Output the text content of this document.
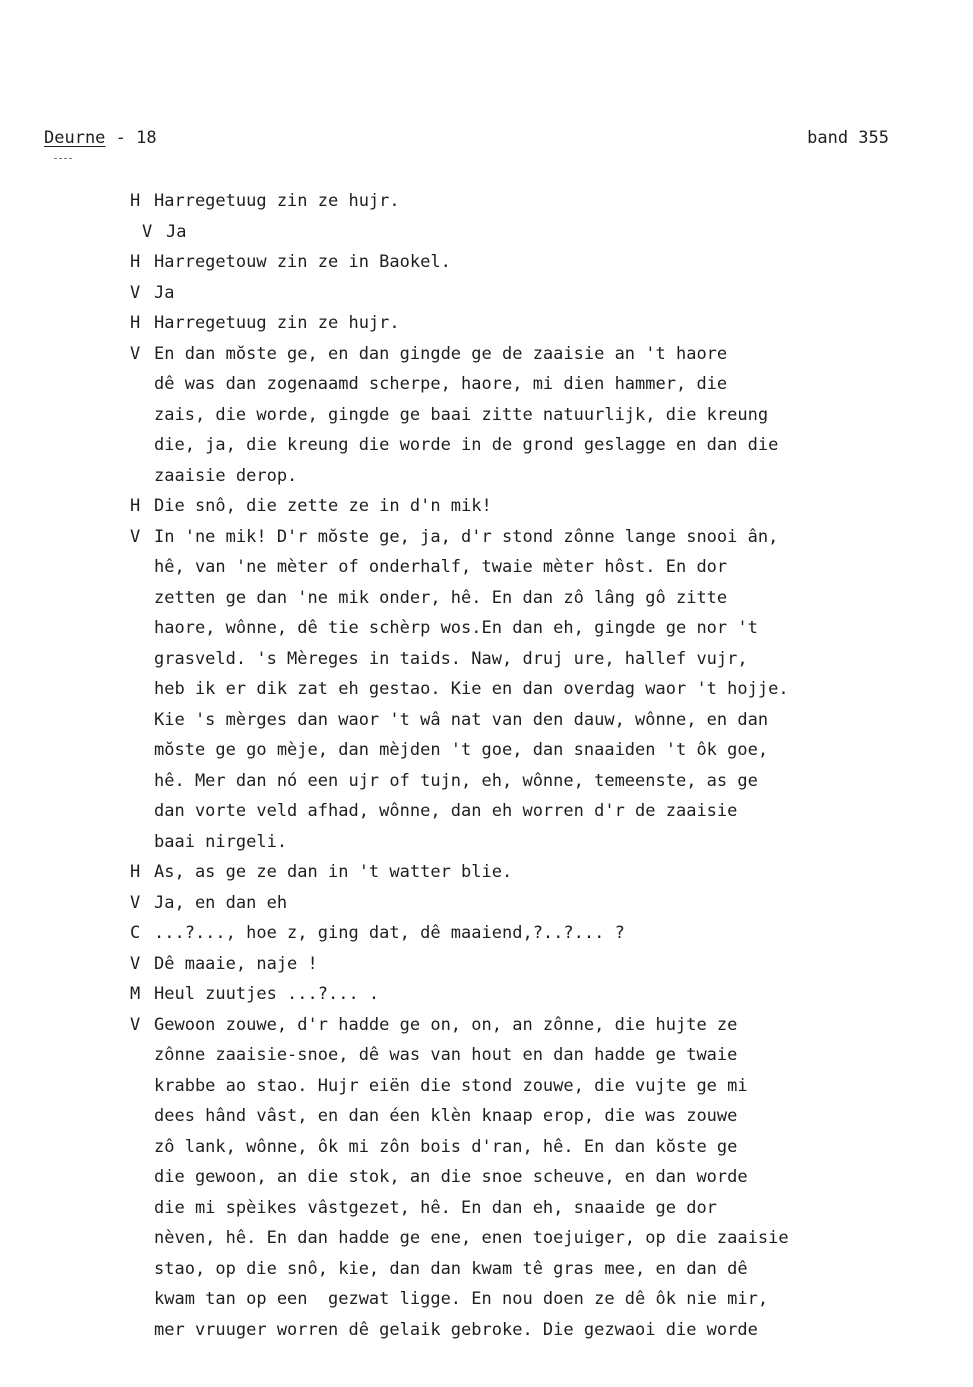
Deurne - 18	band 355
H Harregetuug zin ze hujr.
V Ja
H Harregetouw zin ze in Baokel.
V Ja
H Harregetuug zin ze hujr.
V En dan mŏste ge, en dan gingde ge de zaaisie an 't haore
dê was dan zogenaamd scherpe, haore, mi dien hammer, die
zais, die worde, gingde ge baai zitte natuurlijk, die kreung
die, ja, die kreung die worde in de grond geslagge en dan die
zaaisie derop.
H Die snô, die zette ze in d'n mik!
V In 'ne mik! D'r mŏste ge, ja, d'r stond zônne lange snooi ân,
hê, van 'ne mèter of onderhalf, twaie mèter hôst. En dor
zetten ge dan 'ne mik onder, hê. En dan zô lâng gô zitte
haore, wônne, dê tie schèrp wos.En dan eh, gingde ge nor 't
grasveld. 's Mèreges in taids. Naw, druj ure, hallef vujr,
heb ik er dik zat eh gestao. Kie en dan overdag waor 't hojje.
Kie 's mèrges dan waor 't wâ nat van den dauw, wônne, en dan
mŏste ge go mèje, dan mèjden 't goe, dan snaaiden 't ôk goe,
hê. Mer dan nó een ujr of tujn, eh, wônne, temeenste, as ge
dan vorte veld afhad, wônne, dan eh worren d'r de zaaisie
baai nirgeli.
H As, as ge ze dan in 't watter blie.
V Ja, en dan eh
C ...?..., hoe z, ging dat, dê maaiend,?..?... ?
V Dê maaie, naje !
M Heul zuutjes ...?... .
V Gewoon zouwe, d'r hadde ge on, on, an zônne, die hujte ze
zônne zaaisie-snoe, dê was van hout en dan hadde ge twaie
krabbe ao stao. Hujr eiën die stond zouwe, die vujte ge mi
dees hând vâst, en dan éen klèn knaap erop, die was zouwe
zô lank, wônne, ôk mi zôn bois d'ran, hê. En dan kŏste ge
die gewoon, an die stok, an die snoe scheuve, en dan worde
die mi spèikes vâstgezet, hê. En dan eh, snaaide ge dor
nèven, hê. En dan hadde ge ene, enen toejuiger, op die zaaisie
stao, op die snô, kie, dan dan kwam tê gras mee, en dan dê
kwam tan op een  gezwat ligge. En nou doen ze dê ôk nie mir,
mer vruuger worren dê gelaik gebroke. Die gezwaoi die worde
